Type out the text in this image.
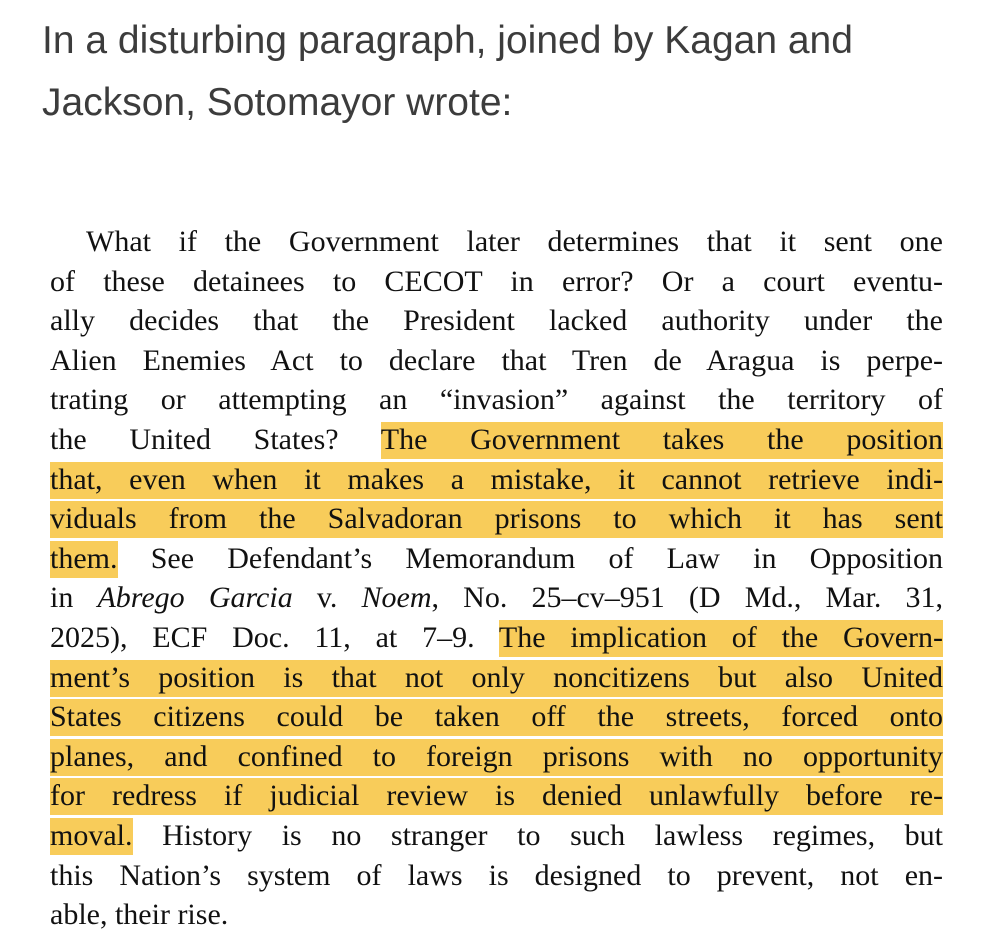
In a disturbing paragraph, joined by Kagan and
Jackson, Sotomayor wrote:
What if the Government later determines that it sent one
of these detainees to CECOT in error? Or a court eventu-
ally decides that the President lacked authority under the
Alien Enemies Act to declare that Tren de Aragua is perpe-
trating or attempting an “invasion” against the territory of
the United States? The Government takes the position
that, even when it makes a mistake, it cannot retrieve indi-
viduals from the Salvadoran prisons to which it has sent
them. See Defendant’s Memorandum of Law in Opposition
in Abrego Garcia v. Noem, No. 25–cv–951 (D Md., Mar. 31,
2025), ECF Doc. 11, at 7–9. The implication of the Govern-
ment’s position is that not only noncitizens but also United
States citizens could be taken off the streets, forced onto
planes, and confined to foreign prisons with no opportunity
for redress if judicial review is denied unlawfully before re-
moval. History is no stranger to such lawless regimes, but
this Nation’s system of laws is designed to prevent, not en-
able, their rise.
